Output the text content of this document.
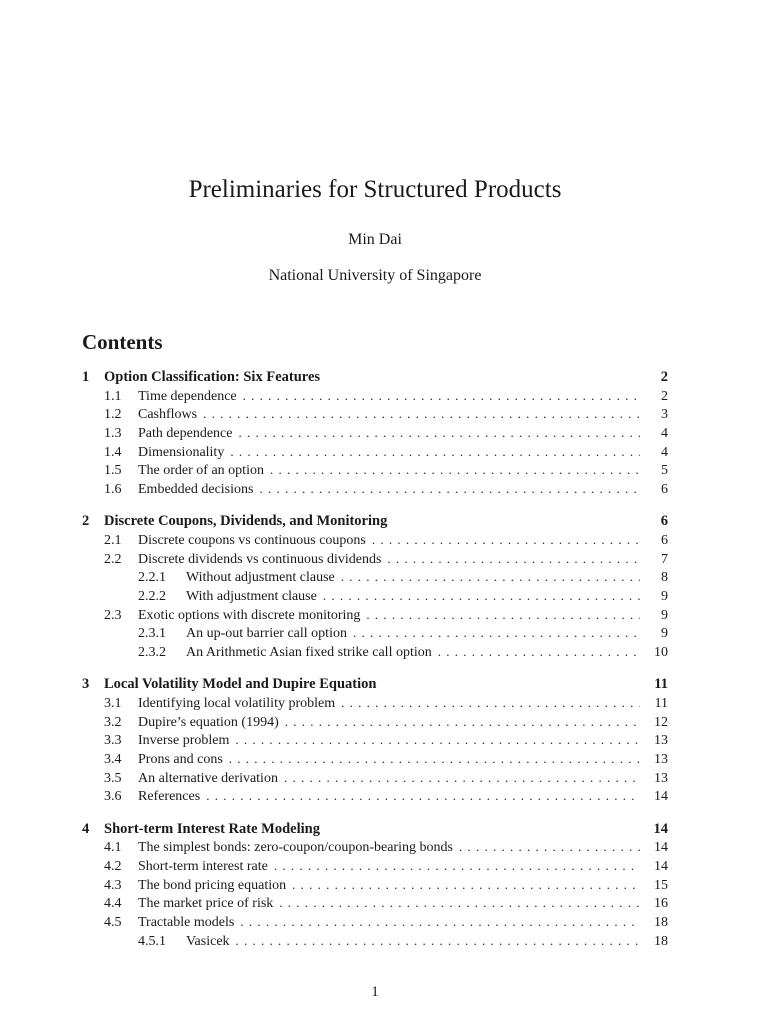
Preliminaries for Structured Products
Min Dai
National University of Singapore
Contents
1	Option Classification: Six Features	2
1.1	Time dependence . . .	2
1.2	Cashflows . . .	3
1.3	Path dependence . . .	4
1.4	Dimensionality . . .	4
1.5	The order of an option . . .	5
1.6	Embedded decisions . . .	6
2	Discrete Coupons, Dividends, and Monitoring	6
2.1	Discrete coupons vs continuous coupons . . .	6
2.2	Discrete dividends vs continuous dividends . . .	7
2.2.1	Without adjustment clause . . .	8
2.2.2	With adjustment clause . . .	9
2.3	Exotic options with discrete monitoring . . .	9
2.3.1	An up-out barrier call option . . .	9
2.3.2	An Arithmetic Asian fixed strike call option . . .	10
3	Local Volatility Model and Dupire Equation	11
3.1	Identifying local volatility problem . . .	11
3.2	Dupire’s equation (1994) . . .	12
3.3	Inverse problem . . .	13
3.4	Prons and cons . . .	13
3.5	An alternative derivation . . .	13
3.6	References . . .	14
4	Short-term Interest Rate Modeling	14
4.1	The simplest bonds: zero-coupon/coupon-bearing bonds . . .	14
4.2	Short-term interest rate . . .	14
4.3	The bond pricing equation . . .	15
4.4	The market price of risk . . .	16
4.5	Tractable models . . .	18
4.5.1	Vasicek . . .	18
1
